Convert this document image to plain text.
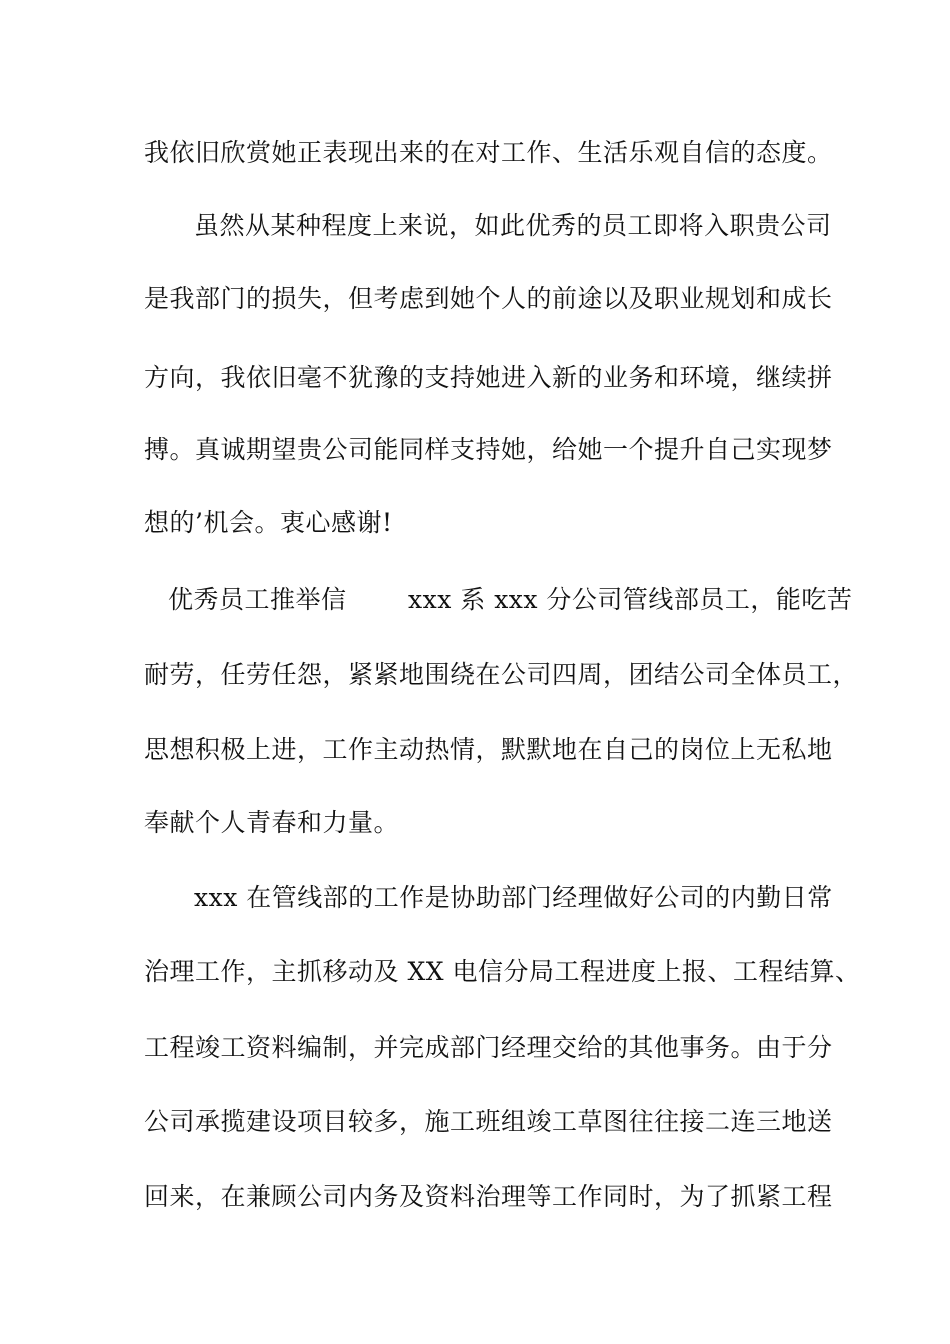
我依旧欣赏她正表现出来的在对工作、生活乐观自信的态度。

虽然从某种程度上来说，如此优秀的员工即将入职贵公司

是我部门的损失，但考虑到她个人的前途以及职业规划和成长

方向，我依旧毫不犹豫的支持她进入新的业务和环境，继续拼

搏。真诚期望贵公司能同样支持她，给她一个提升自己实现梦

想的’机会。衷心感谢!

优秀员工推举信 xxx 系 xxx 分公司管线部员工，能吃苦

耐劳，任劳任怨，紧紧地围绕在公司四周，团结公司全体员工，

思想积极上进，工作主动热情，默默地在自己的岗位上无私地

奉献个人青春和力量。

xxx 在管线部的工作是协助部门经理做好公司的内勤日常

治理工作，主抓移动及 XX 电信分局工程进度上报、工程结算、

工程竣工资料编制，并完成部门经理交给的其他事务。由于分

公司承揽建设项目较多，施工班组竣工草图往往接二连三地送

回来，在兼顾公司内务及资料治理等工作同时，为了抓紧工程
